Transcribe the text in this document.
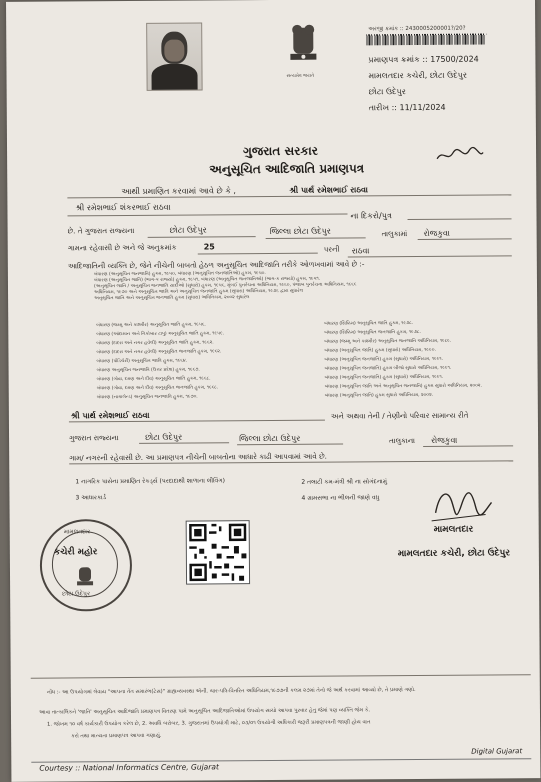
સત્યમેવ જયતે
અરજી ક્રમાંક :: 2430005200001?/20?
પ્રમાણપત્ર ક્રમાંક :: 17500/2024
મામલતદાર કચેરી, છોટા ઉદેપુર
છોટા ઉદેપુર
તારીખ :: 11/11/2024
ગુજરાત સરકાર
અનુસૂચિત આદિજાતિ પ્રમાણપત્ર
આથી પ્રમાણિત કરવામાં આવે છે કે ,	શ્રી પાર્થ રમેશભાઈ રાઠવા
શ્રી રમેશભાઈ શંકરભાઈ રાઠવા
ના દિકરો/પુત્ર
છે. તે ગુજરાત રાજ્યના	છોટા ઉદેપુર	જિલ્લા છોટા ઉદેપુર	તાલુકામાં રોજકુવા
ગામના રહેવાસી છે અને જે અનુક્રમાંક	25	પરની રાઠવા
આદિજાતિની વ્યક્તિ છે, જેને નીચેની બાબતો હેઠળ અનુસૂચિત આદિજાતિ તરીકે ઓળખવામાં આવે છે :-
બંધારણ (અનુસૂચિત જનજાતિ) હુકમ, ૧૯૫૦, બંધારણ (અનુસૂચિત જનજાતિઓ) હુકમ, ૧૯૫૦.
બંધારણ (અનુસૂચિત જાતિ) (ભાગ-ક રાજ્યો) હુકમ, ૧૯૫૧, બંધારણ (અનુસૂચિત જનજાતિઓ) (ભાગ-ક રાજ્યો) હુકમ, ૧૯૫૧.
(અનુસૂચિત જાતિ / અનુસૂચિત જનજાતિ યાદીઓ (સુધારો) હુકમ, ૧૯૫૬, મુંબઈ પુનર્રચના અધિનિયમ, ૧૯૬૦, પંજાબ પુનર્રચના અધિનિયમ, ૧૯૬૬
અધિનિયમ, ૧૯૭૦ અને અનુસૂચિત જાતિ અને અનુસૂચિત જનજાતિ હુકમ (સુધારા) અધિનિયમ, ૧૯૭૬ દ્વારા સુધારેલ
અનુસૂચિત જાતિ અને અનુસૂચિત જનજાતિ હુકમ (સુધારા) અધિનિયમ, ૨૦૦૨ સુધારેલ
બંધારણ (જમ્મુ અને કાશ્મીર) અનુસૂચિત જાતિ હુકમ, ૧૯૫૬.
બંધારણ (આંદામાન અને નિકોબાર ટાપુ) અનુસૂચિત જાતિ હુકમ, ૧૯૫૯.
બંધારણ (દાદરા અને નગર હવેલી) અનુસૂચિત જાતિ હુકમ, ૧૯૬૨.
બંધારણ (દાદરા અને નગર હવેલી) અનુસૂચિત જનજાતિ હુકમ, ૧૯૬૨.
બંધારણ (પોંડિચેરી) અનુસૂચિત જાતિ હુકમ, ૧૯૬૪.
બંધારણ અનુસૂચિત જનજાતિ (ઉત્તર પ્રદેશ) હુકમ, ૧૯૬૭.
બંધારણ (ગોવા, દમણ અને દીવ) અનુસૂચિત જાતિ હુકમ, ૧૯૬૮.
બંધારણ (ગોવા, દમણ અને દીવ) અનુસૂચિત જનજાતિ હુકમ, ૧૯૬૮.
બંધારણ (નાગાલેન્ડ) અનુસૂચિત જનજાતિ હુકમ, ૧૯૭૦.
બંધારણ (સિક્કિમ) અનુસૂચિત જાતિ હુકમ, ૧૯૭૮.
બંધારણ (સિક્કિમ) અનુસૂચિત જનજાતિ હુકમ, ૧૯૭૮.
બંધારણ (જમ્મુ અને કાશ્મીર) અનુસૂચિત જનજાતિ અધિનિયમ, ૧૯૮૯.
બંધારણ (અનુસૂચિત જાતિ) હુકમ (સુધારો) અધિનિયમ, ૧૯૯૦.
બંધારણ (અનુસૂચિત જનજાતિ) હુકમ (સુધારો) અધિનિયમ, ૧૯૯૧.
બંધારણ (અનુસૂચિત જનજાતિ) હુકમ બીજો સુધારો અધિનિયમ, ૧૯૯૧.
બંધારણ (અનુસૂચિત જનજાતિ) હુકમ (સુધારો) અધિનિયમ, ૧૯૯૧.
બંધારણ (અનુસૂચિત જાતિ અને અનુસૂચિત જનજાતિ) હુકમ સુધારો અધિનિયમ, ૨૦૦૨.
બંધારણ (અનુસૂચિત જાતિ) હુકમ સુધારો અધિનિયમ, ૨૦૦૨.
શ્રી પાર્થ રમેશભાઈ રાઠવા	અને અથવા તેની / તેણીનો પરિવાર સામાન્ય રીતે
ગુજરાત રાજ્યના	છોટા ઉદેપુર	જિલ્લા છોટા ઉદેપુર	તાલુકાના રોજકુવા
ગામ/ નગરની રહેવાસી છે. આ પ્રમાણપત્ર નીચેની બાબતોના આધારે કાઢી આપવામાં આવે છે.
1 નાગરિક પાસેના પ્રમાણિત રેકર્ડ્સ (પરદાદાથી શાળાના લીવિંગ)	2 તલાટી કમ-મંત્રી શ્રી ના સોગંદનામું
3 આધારકાર્ડ	4 ગ્રામસભા ના ભીલની જાણે વધુ
મામલતદાર
કચેરી મહોર
છોટા ઉદેપુર
મામલતદાર
મામલતદાર કચેરી, છોટા ઉદેપુર
નોંધ :- આ ઉપયોગમાં લેવાય "આપના તેંત સમારંભ(ટેસ)" ગ્રાહ્યવ્યવસ્થા ઍની. ચાર-પત્રિ-વિતરિત અધિનિયમ,૧૯૭૭ની કલમ ૨૭માં તેનો જે અર્થ કરવામાં આવ્યો છે, તે પ્રમાણે ગણો.
આવા તાત્કાલિકને 'જાતિ' અનુસૂચિત આદિજાતિ પ્રમાણપત્ર વિતરણ પામે અનુસૂચિત આદિજાતિઓમાં ઉપયોગ સાચો આપવા પુરવાર હેતુ જેમાં પણ વ્યક્તિ જેમ કે.
1. જોખમ ૧૦ વર્ષ કાર્યકારી ઉપયોગ કરેલ છે, 2. અવધિ બરોબર, 3. ગુજરાતમાં ઉપયોગી માટે, ૦૩/૦૧ ઉપયોગી અધિકારી જરૂરી પ્રમાણપત્રની જાણી હોય વાત
કરો તથા માન્યતા પ્રમાણપત્ર આપવા ગણાયું.
Courtesy :: National Informatics Centre, Gujarat
Digital Gujarat
